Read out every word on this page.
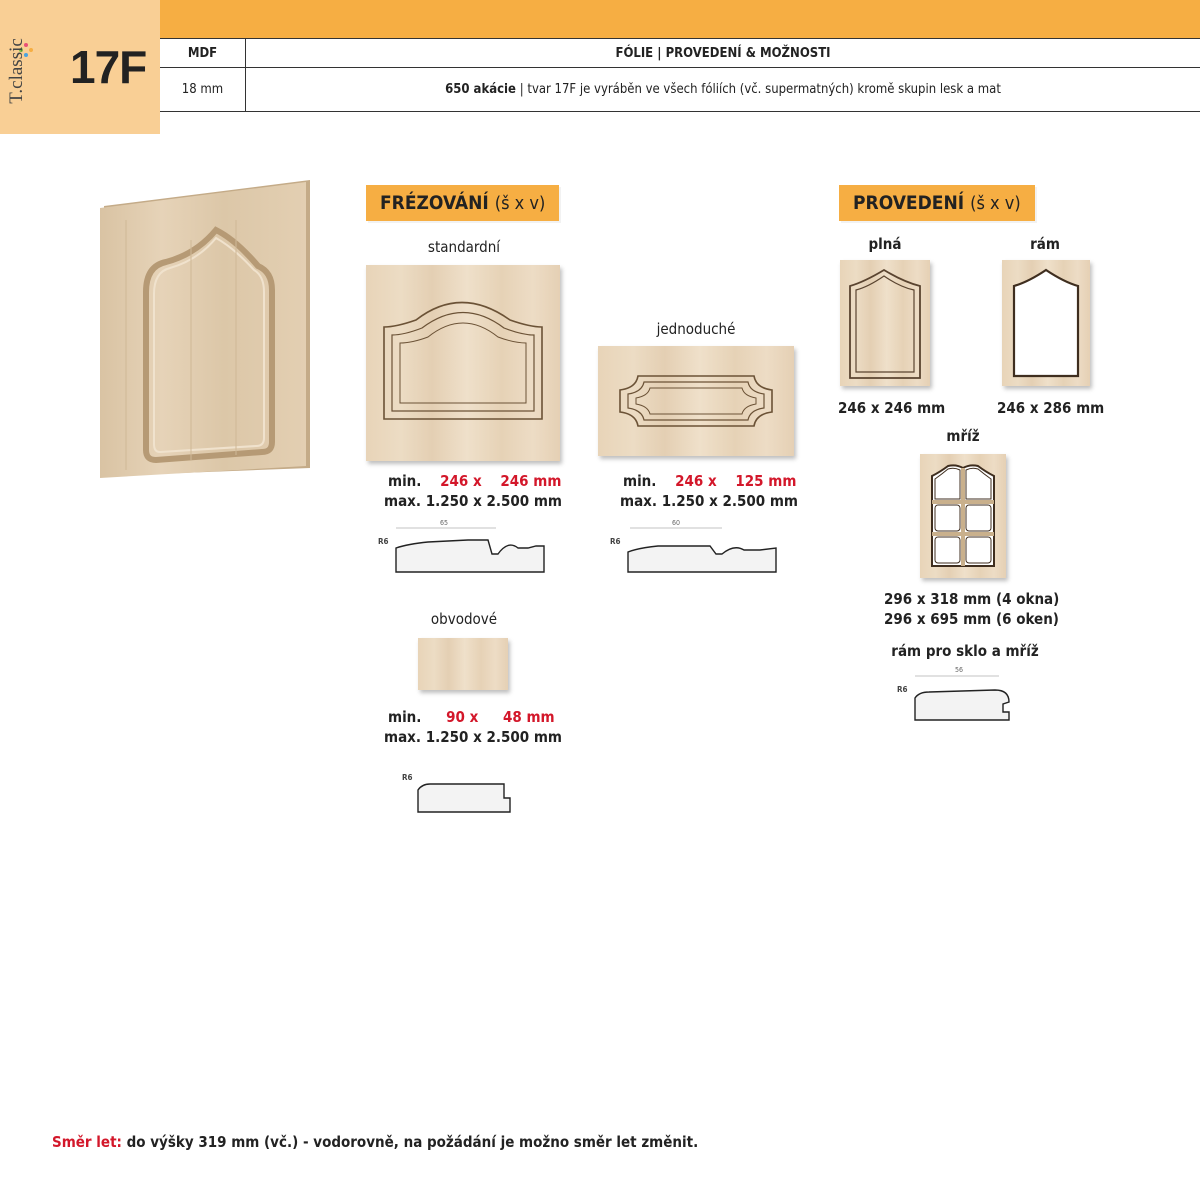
T.classic 17F	MDF	FÓLIE | PROVEDENÍ & MOŽNOSTI
18 mm	650 akácie | tvar 17F je vyráběn ve všech fóliích (vč. supermatných) kromě skupin lesk a mat
FRÉZOVÁNÍ (š x v)
standardní
min. 246 x 246 mm
max. 1.250 x 2.500 mm
R6
65
jednoduché
min. 246 x 125 mm
max. 1.250 x 2.500 mm
R6
60
obvodové
min. 90 x 48 mm
max. 1.250 x 2.500 mm
R6
PROVEDENÍ (š x v)
plná
246 x 246 mm
rám
246 x 286 mm
mříž
296 x 318 mm (4 okna)
296 x 695 mm (6 oken)
rám pro sklo a mříž
R6
56
Směr let: do výšky 319 mm (vč.) - vodorovně, na požádání je možno směr let změnit.
